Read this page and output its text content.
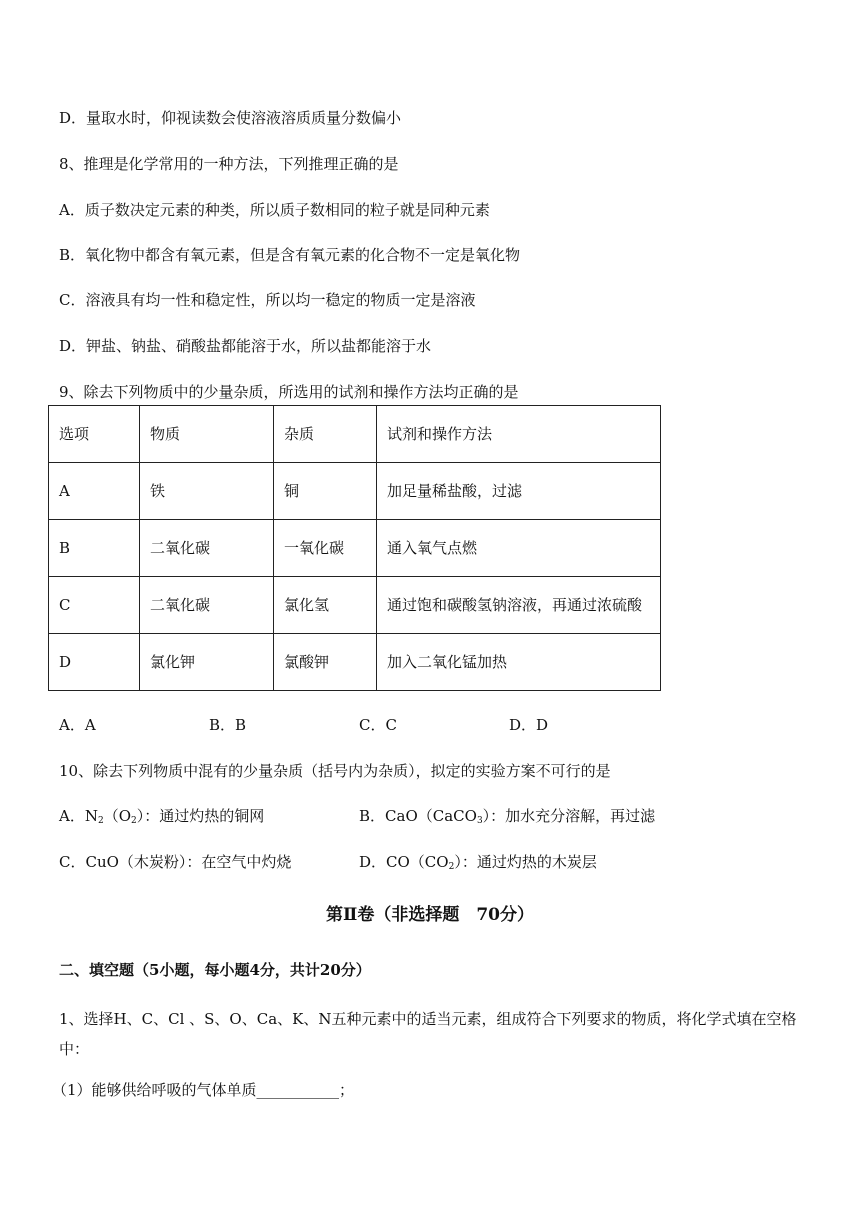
D．量取水时，仰视读数会使溶液溶质质量分数偏小
8、推理是化学常用的一种方法，下列推理正确的是
A．质子数决定元素的种类，所以质子数相同的粒子就是同种元素
B．氧化物中都含有氧元素，但是含有氧元素的化合物不一定是氧化物
C．溶液具有均一性和稳定性，所以均一稳定的物质一定是溶液
D．钾盐、钠盐、硝酸盐都能溶于水，所以盐都能溶于水
9、除去下列物质中的少量杂质，所选用的试剂和操作方法均正确的是
选项	物质	杂质	试剂和操作方法
A	铁	铜	加足量稀盐酸，过滤
B	二氧化碳	一氧化碳	通入氧气点燃
C	二氧化碳	氯化氢	通过饱和碳酸氢钠溶液，再通过浓硫酸
D	氯化钾	氯酸钾	加入二氧化锰加热
A．A	B．B	C．C	D．D
10、除去下列物质中混有的少量杂质（括号内为杂质），拟定的实验方案不可行的是
A．$N_2(O_2)$：通过灼热的铜网	B．CaO（CaCO$_3$）：加水充分溶解，再过滤
C．CuO（木炭粉）：在空气中灼烧	D．$CO(CO_2)$：通过灼热的木炭层
第Ⅱ卷（非选择题　70分）
二、填空题（5小题，每小题4分，共计20分）
1、选择H、C、Cl 、S、O、Ca、K、N五种元素中的适当元素，组成符合下列要求的物质，将化学式填在空格中：
（1）能够供给呼吸的气体单质___________；
